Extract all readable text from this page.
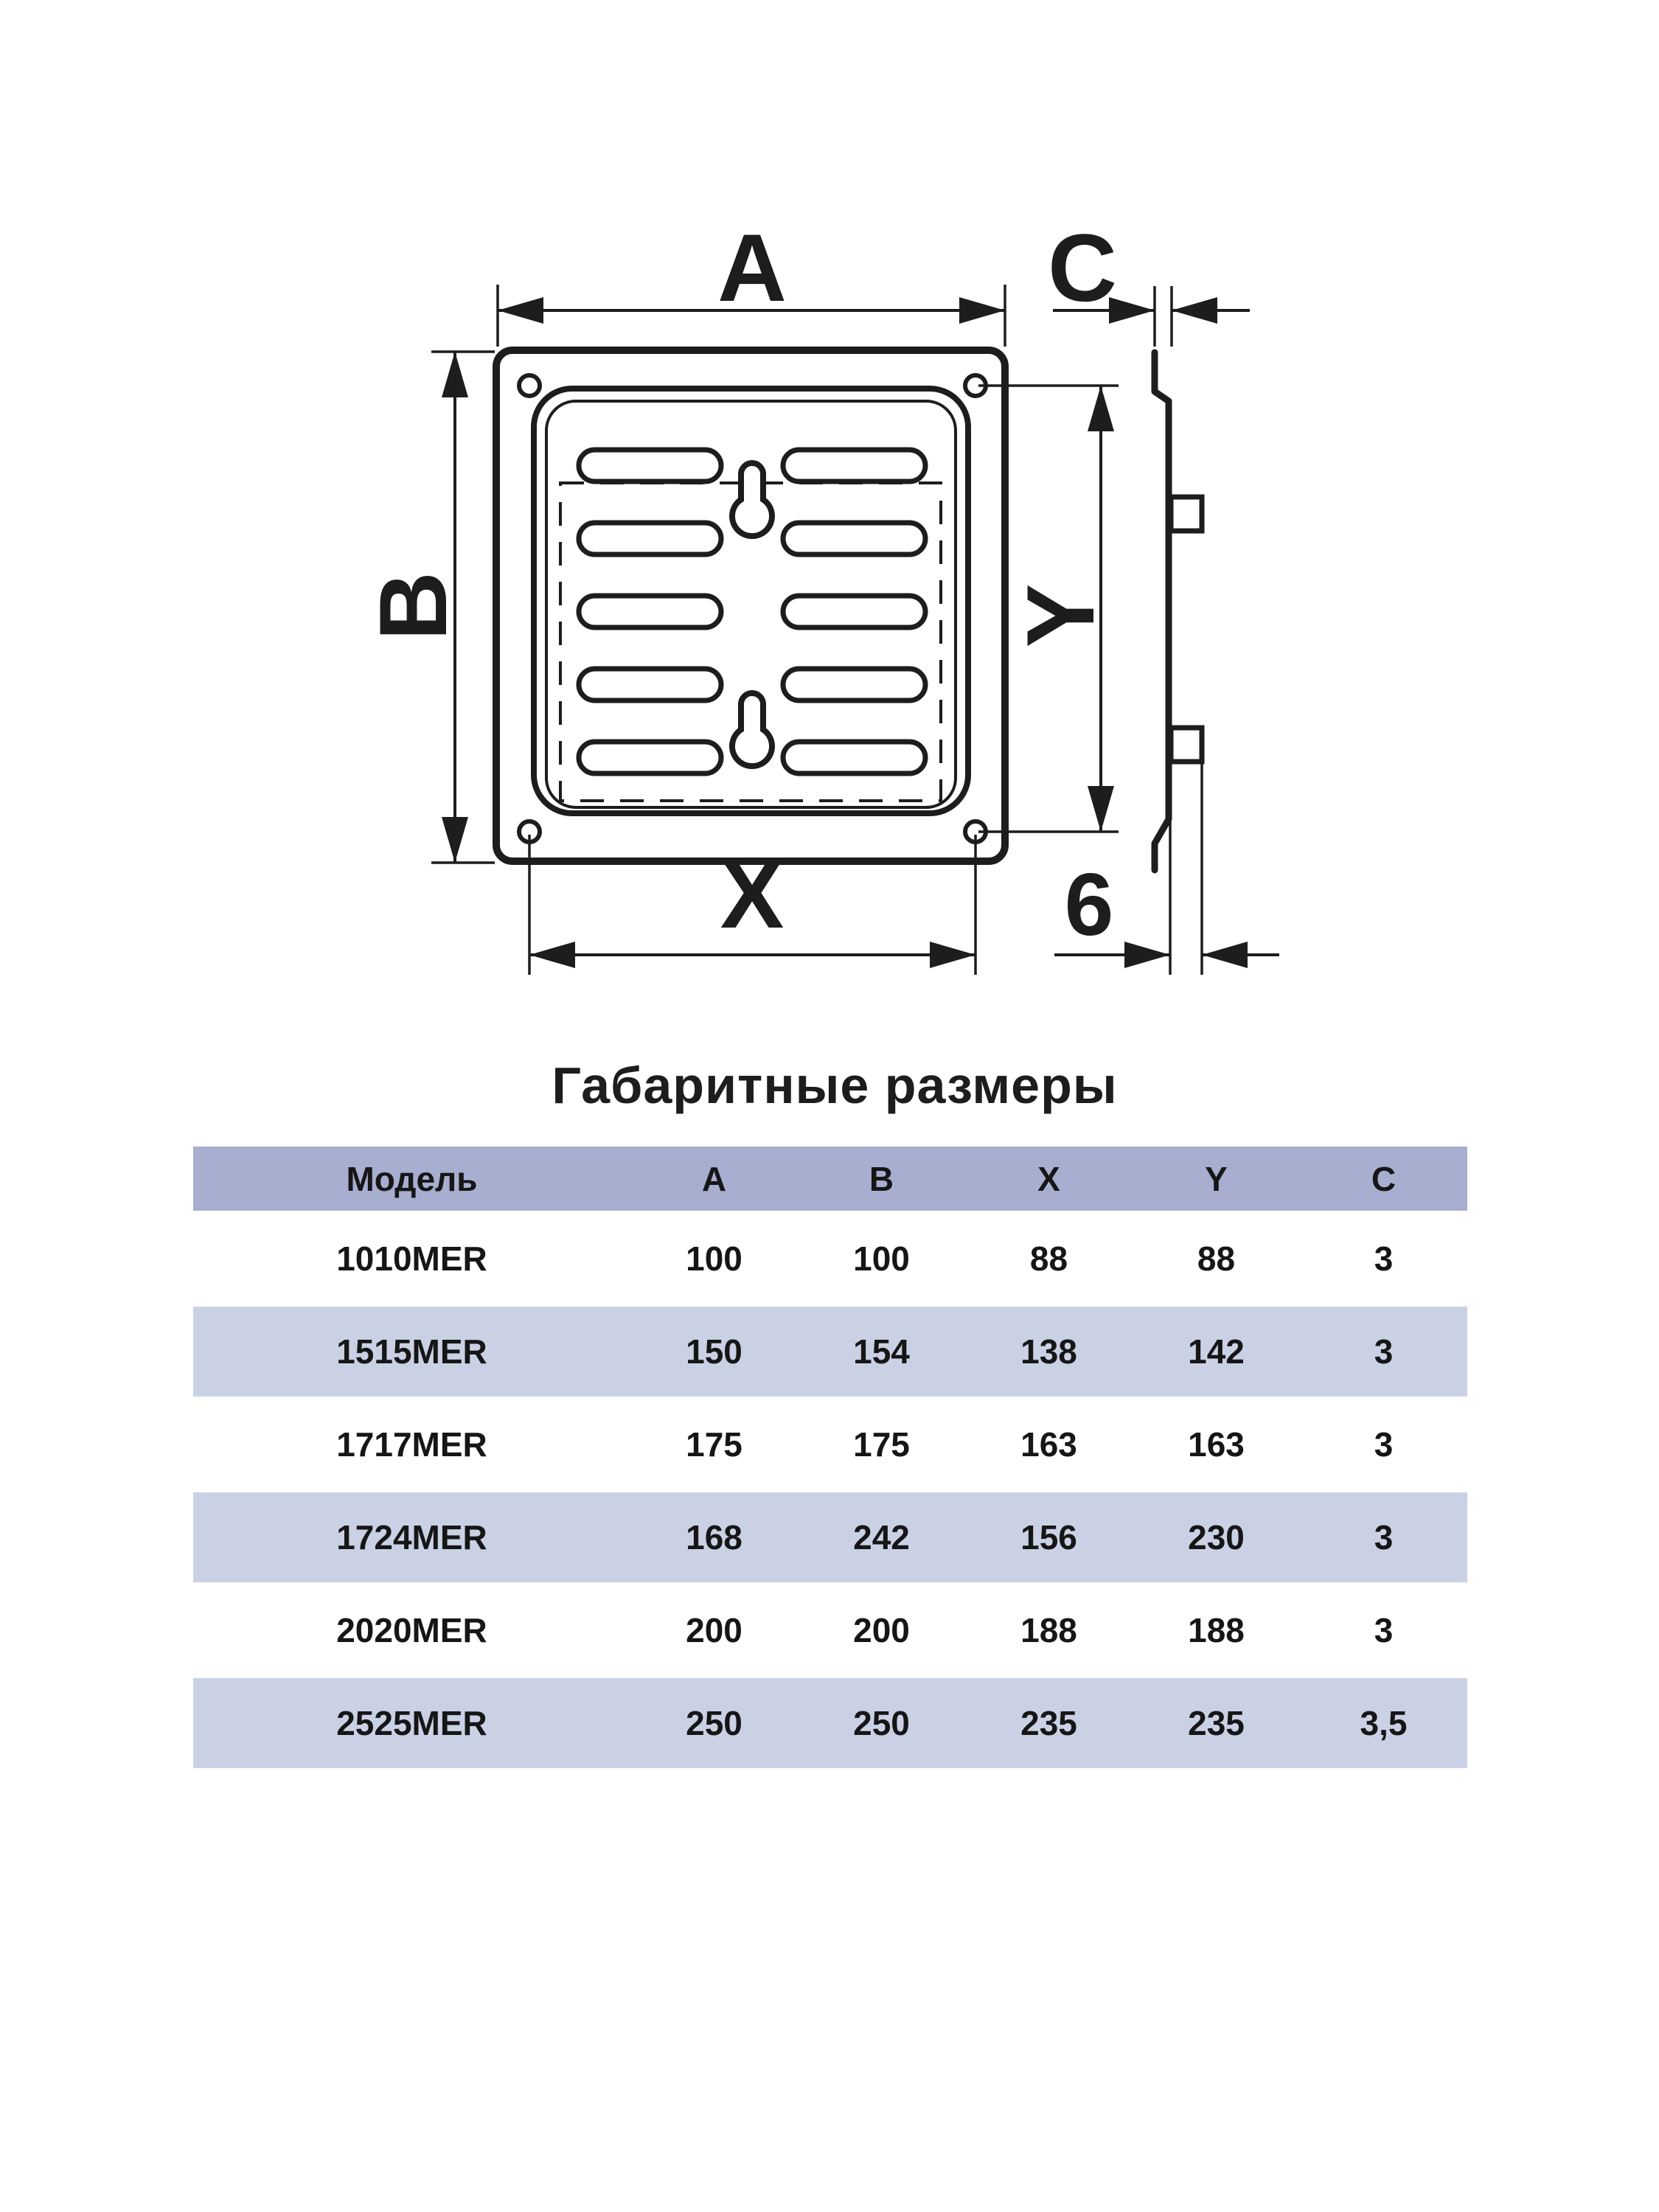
A	C
B	Y
X	6
Габаритные размеры
Модель	A	B	X	Y	C
1010MER	100	100	88	88	3
1515MER	150	154	138	142	3
1717MER	175	175	163	163	3
1724MER	168	242	156	230	3
2020MER	200	200	188	188	3
2525MER	250	250	235	235	3,5
